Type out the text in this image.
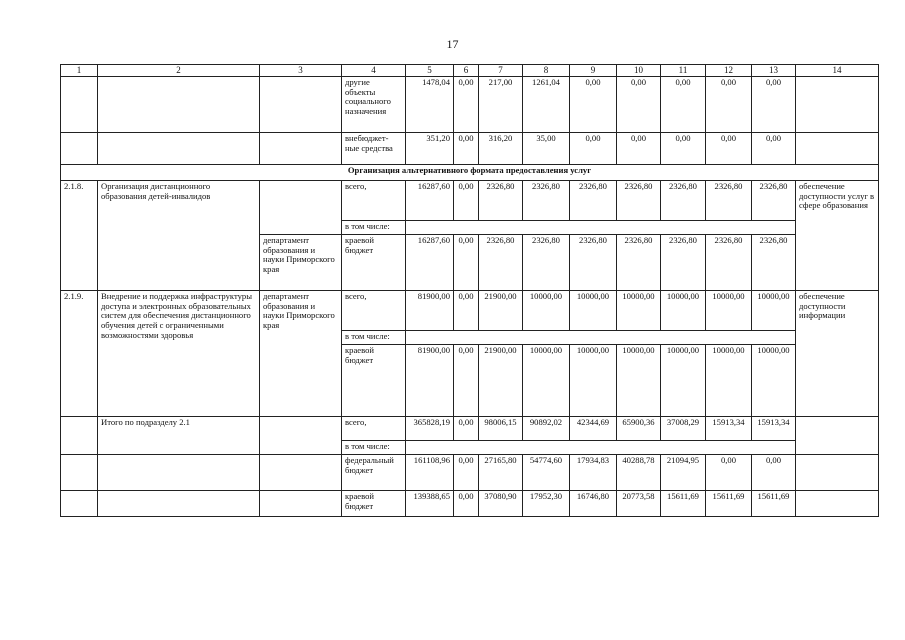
17
1	2	3	4	5	6	7	8	9	10	11	12	13	14
			другие объекты социального назначения	1478,04	0,00	217,00	1261,04	0,00	0,00	0,00	0,00	0,00	
			внебюджет-ные средства	351,20	0,00	316,20	35,00	0,00	0,00	0,00	0,00	0,00	
Организация альтернативного формата предоставления услуг													
2.1.8.	Организация дистанционного образования детей-инвалидов		всего,	16287,60	0,00	2326,80	2326,80	2326,80	2326,80	2326,80	2326,80	2326,80	обеспечение доступности услуг в сфере образования
			в том числе:										
		департамент образования и науки Приморского края	краевой бюджет	16287,60	0,00	2326,80	2326,80	2326,80	2326,80	2326,80	2326,80	2326,80	
2.1.9.	Внедрение и поддержка инфраструктуры доступа и электронных образовательных систем для обеспечения дистанционного обучения детей с ограниченными возможностями здоровья	департамент образования и науки Приморского края	всего,	81900,00	0,00	21900,00	10000,00	10000,00	10000,00	10000,00	10000,00	10000,00	обеспечение доступности информации
			в том числе:										
			краевой бюджет	81900,00	0,00	21900,00	10000,00	10000,00	10000,00	10000,00	10000,00	10000,00	
	Итого по подразделу 2.1		всего,	365828,19	0,00	98006,15	90892,02	42344,69	65900,36	37008,29	15913,34	15913,34	
			в том числе:										
			федеральный бюджет	161108,96	0,00	27165,80	54774,60	17934,83	40288,78	21094,95	0,00	0,00	
			краевой бюджет	139388,65	0,00	37080,90	17952,30	16746,80	20773,58	15611,69	15611,69	15611,69	
